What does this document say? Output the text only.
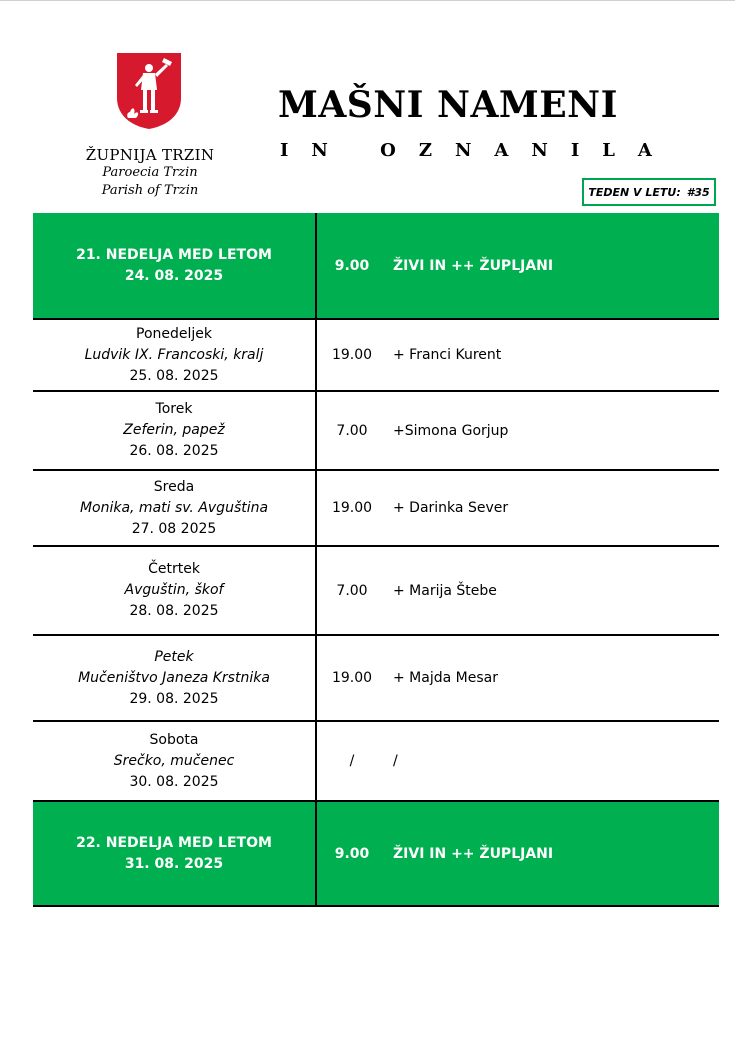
ŽUPNIJA TRZIN
Paroecia Trzin
Parish of Trzin
MAŠNI NAMENI
IN OZNANILA
TEDEN V LETU: #35
21. NEDELJA MED LETOM
24. 08. 2025
9.00	ŽIVI IN ++ ŽUPLJANI
Ponedeljek
Ludvik IX. Francoski, kralj
25. 08. 2025
19.00	+ Franci Kurent
Torek
Zeferin, papež
26. 08. 2025
7.00	+Simona Gorjup
Sreda
Monika, mati sv. Avguština
27. 08 2025
19.00	+ Darinka Sever
Četrtek
Avguštin, škof
28. 08. 2025
7.00	+ Marija Štebe
Petek
Mučeništvo Janeza Krstnika
29. 08. 2025
19.00	+ Majda Mesar
Sobota
Srečko, mučenec
30. 08. 2025
/	/
22. NEDELJA MED LETOM
31. 08. 2025
9.00	ŽIVI IN ++ ŽUPLJANI
